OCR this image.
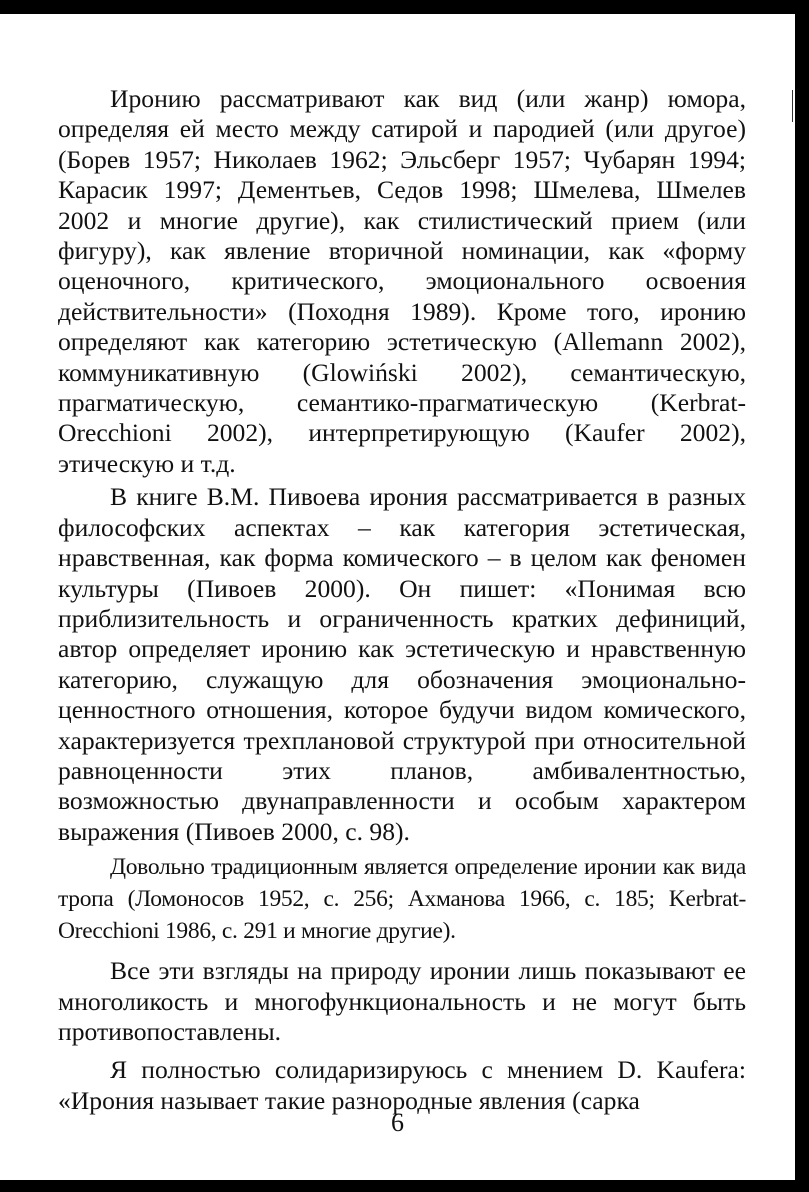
Иронию рассматривают как вид (или жанр) юмора, определяя ей место между сатирой и пародией (или другое) (Борев 1957; Николаев 1962; Эльсберг 1957; Чубарян 1994; Карасик 1997; Дементьев, Седов 1998; Шмелева, Шмелев 2002 и многие другие), как стилистический прием (или фигуру), как явление вторичной номинации, как «форму оценочного, критического, эмоционального освоения действительности» (Походня 1989). Кроме того, иронию определяют как категорию эстетическую (Allemann 2002), коммуникативную (Glowiński 2002), семантическую, прагматическую, семантико-прагматическую (Kerbrat-Orecchioni 2002), интерпретирующую (Kaufer 2002), этическую и т.д.

В книге В.М. Пивоева ирония рассматривается в разных философских аспектах – как категория эстетическая, нравственная, как форма комического – в целом как феномен культуры (Пивоев 2000). Он пишет: «Понимая всю приблизительность и ограниченность кратких дефиниций, автор определяет иронию как эстетическую и нравственную категорию, служащую для обозначения эмоционально-ценностного отношения, которое будучи видом комического, характеризуется трехплановой структурой при относительной равноценности этих планов, амбивалентностью, возможностью двунаправленности и особым характером выражения (Пивоев 2000, с. 98).

Довольно традиционным является определение иронии как вида тропа (Ломоносов 1952, с. 256; Ахманова 1966, с. 185; Kerbrat-Orecchioni 1986, с. 291 и многие другие).

Все эти взгляды на природу иронии лишь показывают ее многоликость и многофункциональность и не могут быть противопоставлены.

Я полностью солидаризируюсь с мнением D. Kaufera: «Ирония называет такие разнородные явления (сарка

6
